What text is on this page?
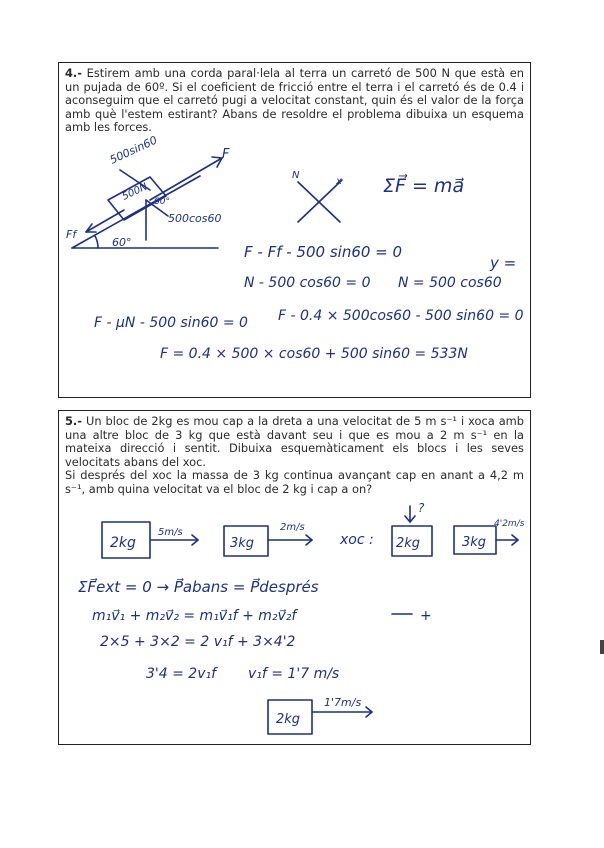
4.- Estirem amb una corda paral·lela al terra un carretó de 500 N que està en un pujada de 60º. Si el coeficient de fricció entre el terra i el carretó és de 0.4 i aconseguim que el carretó pugi a velocitat constant, quin és el valor de la força amb què l'estem estirant? Abans de resoldre el problema dibuixa un esquema amb les forces.

5.- Un bloc de 2kg es mou cap a la dreta a una velocitat de 5 m s⁻¹ i xoca amb una altre bloc de 3 kg que està davant seu i que es mou a 2 m s⁻¹ en la mateixa direcció i sentit. Dibuixa esquemàticament els blocs i les seves velocitats abans del xoc.
Si després del xoc la massa de 3 kg continua avançant cap en anant a 4,2 m s⁻¹, amb quina velocitat va el bloc de 2 kg i cap a on?

500sin60	F
500N 60°
500cos60
Ff
60°
N
x ΣF⃗ = ma⃗
F - Ff - 500 sin60 = 0
N - 500 cos60 = 0 N = 500 cos60
y =
F - μN - 500 sin60 = 0 F - 0.4 × 500cos60 - 500 sin60 = 0
F = 0.4 × 500 × cos60 + 500 sin60 = 533N
2kg
5m/s
3kg
2m/s
xoc :
?
2kg	3kg
4'2m/s
ΣF⃗ext = 0 → P⃗abans = P⃗després
m₁v⃗₁ + m₂v⃗₂ = m₁v⃗₁f + m₂v⃗₂f	+
2×5 + 3×2 = 2 v₁f + 3×4'2
3'4 = 2v₁f v₁f = 1'7 m/s
2kg
1'7m/s
